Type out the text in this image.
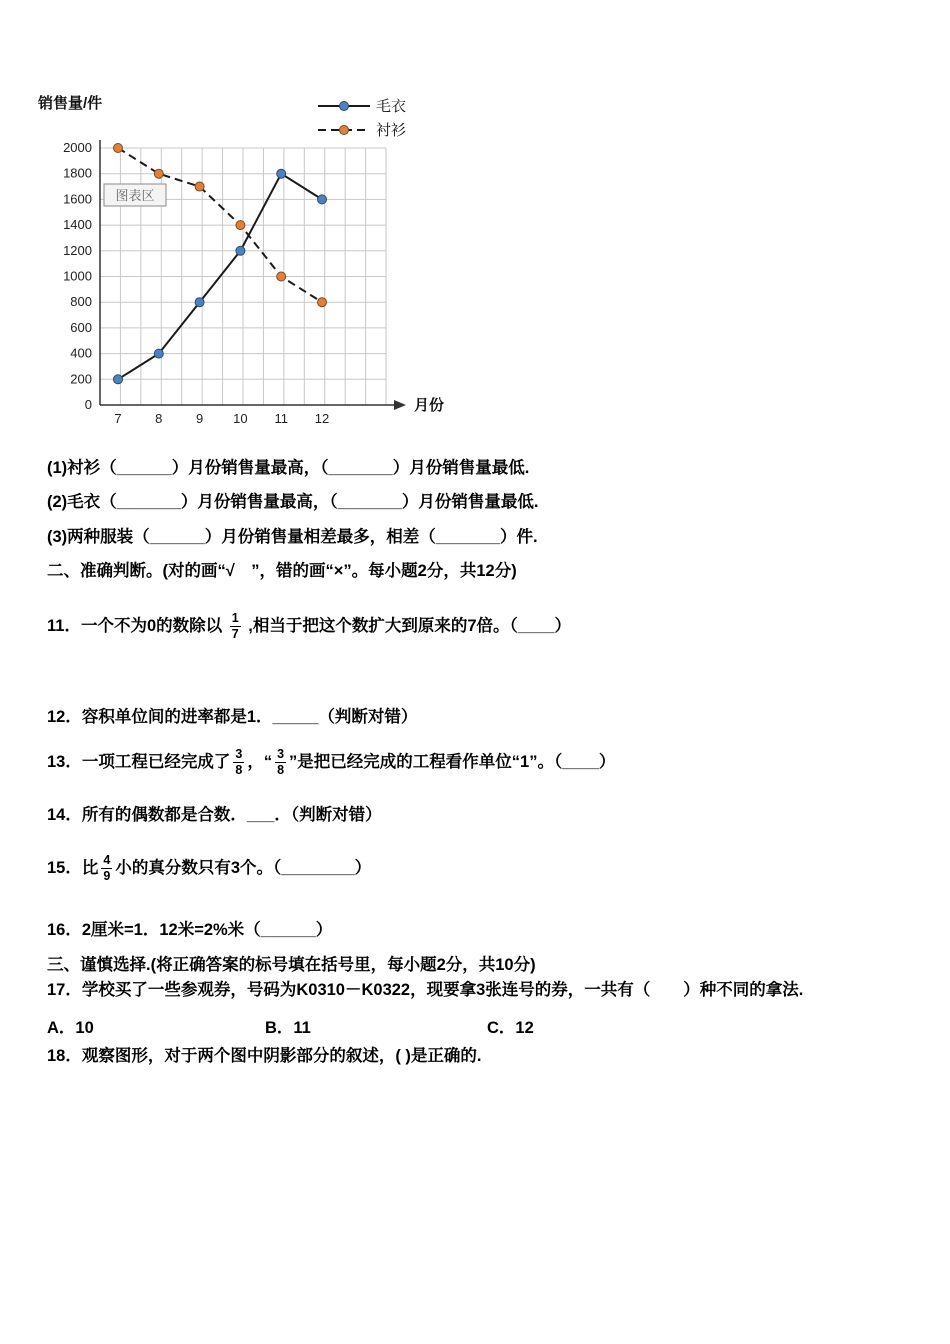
0
200
400
600
800
1000
1200
1400
1600
1800
2000
7	8	9 10 11 12
图表区
销售量/件
月份
毛衣
衬衫
(1)衬衫（______）月份销售量最高，（_______）月份销售量最低.
(2)毛衣（_______）月份销售量最高，（_______）月份销售量最低.
(3)两种服装（______）月份销售量相差最多，相差（_______）件.
二、准确判断。(对的画“√　”，错的画“×”。每小题2分，共12分)
11．一个不为0的数除以 $\frac{1}{7}$ ,相当于把这个数扩大到原来的7倍。（____）
12．容积单位间的进率都是1．_____（判断对错）
13．一项工程已经完成了 $\frac{3}{8}$ ，“ $\frac{3}{8}$ ”是把已经完成的工程看作单位“1”。（____）
14．所有的偶数都是合数．___．（判断对错）
15．比 $\frac{4}{9}$ 小的真分数只有3个。（________）
16．2厘米=1．12米=2%米（______）
三、谨慎选择.(将正确答案的标号填在括号里，每小题2分，共10分)
17．学校买了一些参观券，号码为K0310－K0322，现要拿3张连号的券，一共有（　　）种不同的拿法.
A．10	B．11	C．12
18．观察图形，对于两个图中阴影部分的叙述，( )是正确的.
